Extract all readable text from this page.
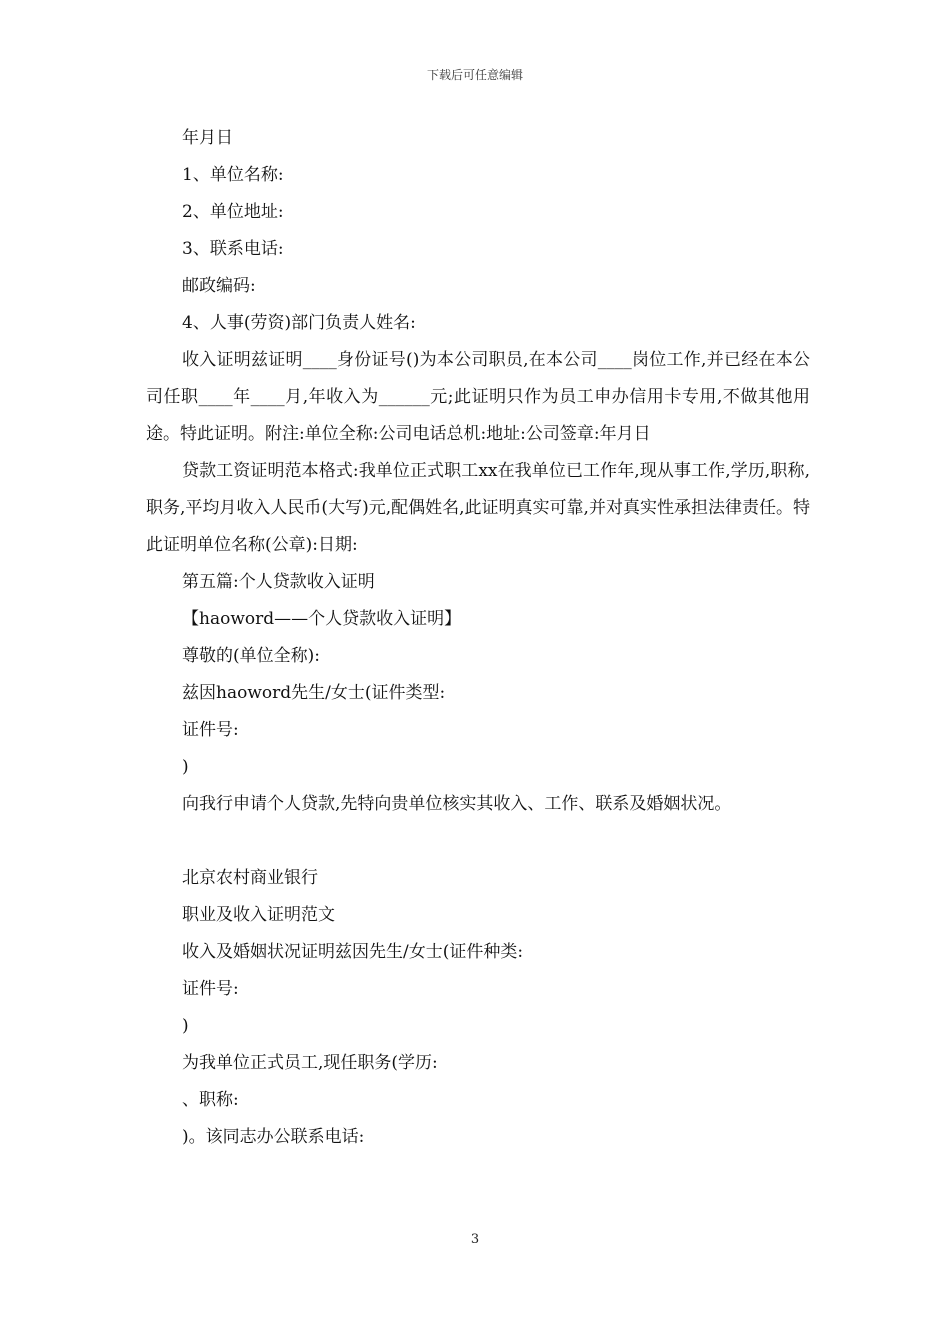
下载后可任意编辑
年月日
1、单位名称:
2、单位地址:
3、联系电话:
邮政编码:
4、人事(劳资)部门负责人姓名:
收入证明兹证明____身份证号()为本公司职员,在本公司____岗位工作,并已经在本公司任职____年____月,年收入为______元;此证明只作为员工申办信用卡专用,不做其他用途。特此证明。附注:单位全称:公司电话总机:地址:公司签章:年月日
贷款工资证明范本格式:我单位正式职工xx在我单位已工作年,现从事工作,学历,职称,职务,平均月收入人民币(大写)元,配偶姓名,此证明真实可靠,并对真实性承担法律责任。特此证明单位名称(公章):日期:
第五篇:个人贷款收入证明
【haoword——个人贷款收入证明】
尊敬的(单位全称):
兹因haoword先生/女士(证件类型:
证件号:
)
向我行申请个人贷款,先特向贵单位核实其收入、工作、联系及婚姻状况。
北京农村商业银行
职业及收入证明范文
收入及婚姻状况证明兹因先生/女士(证件种类:
证件号:
)
为我单位正式员工,现任职务(学历:
、职称:
)。该同志办公联系电话:
3
